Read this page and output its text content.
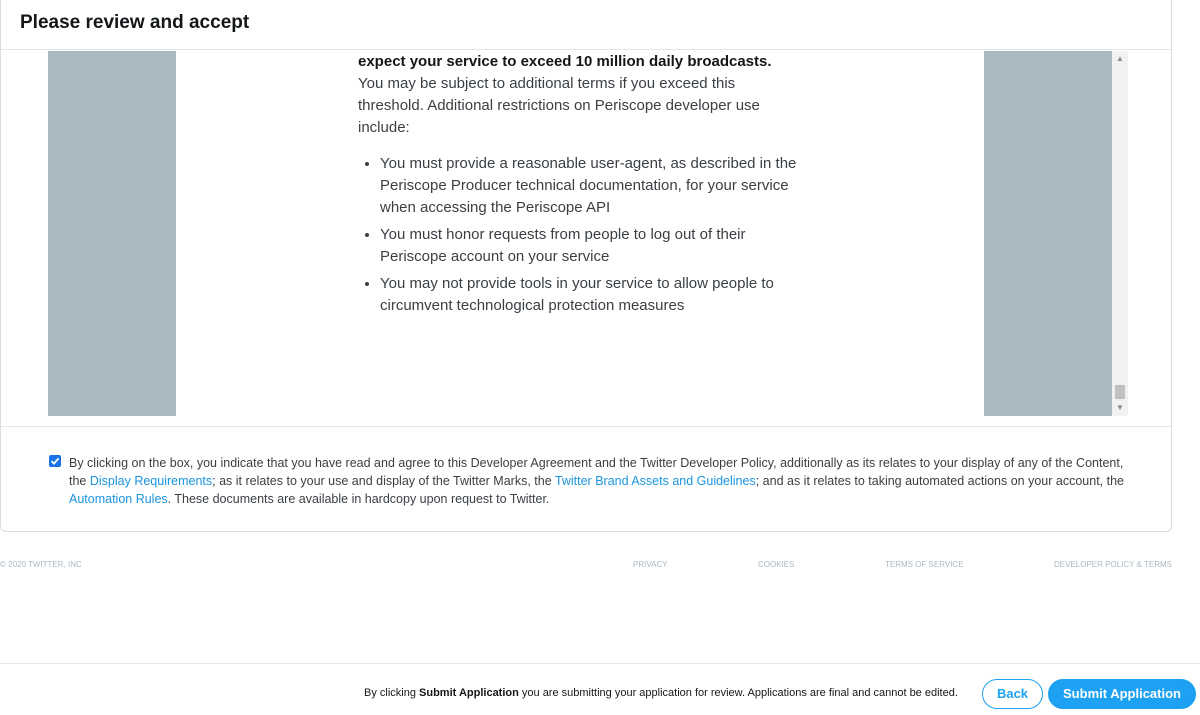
Please review and accept

expect your service to exceed 10 million daily broadcasts. You may be subject to additional terms if you exceed this threshold. Additional restrictions on Periscope developer use include:

• You must provide a reasonable user-agent, as described in the Periscope Producer technical documentation, for your service when accessing the Periscope API
• You must honor requests from people to log out of their Periscope account on your service
• You may not provide tools in your service to allow people to circumvent technological protection measures
▲
▼
By clicking on the box, you indicate that you have read and agree to this Developer Agreement and the Twitter Developer Policy, additionally as its relates to your display of any of the Content, the Display Requirements; as it relates to your use and display of the Twitter Marks, the Twitter Brand Assets and Guidelines; and as it relates to taking automated actions on your account, the Automation Rules. These documents are available in hardcopy upon request to Twitter.
© 2020 TWITTER, INC	PRIVACY	COOKIES	TERMS OF SERVICE	DEVELOPER POLICY & TERMS
By clicking Submit Application you are submitting your application for review. Applications are final and cannot be edited.	Back	Submit Application
